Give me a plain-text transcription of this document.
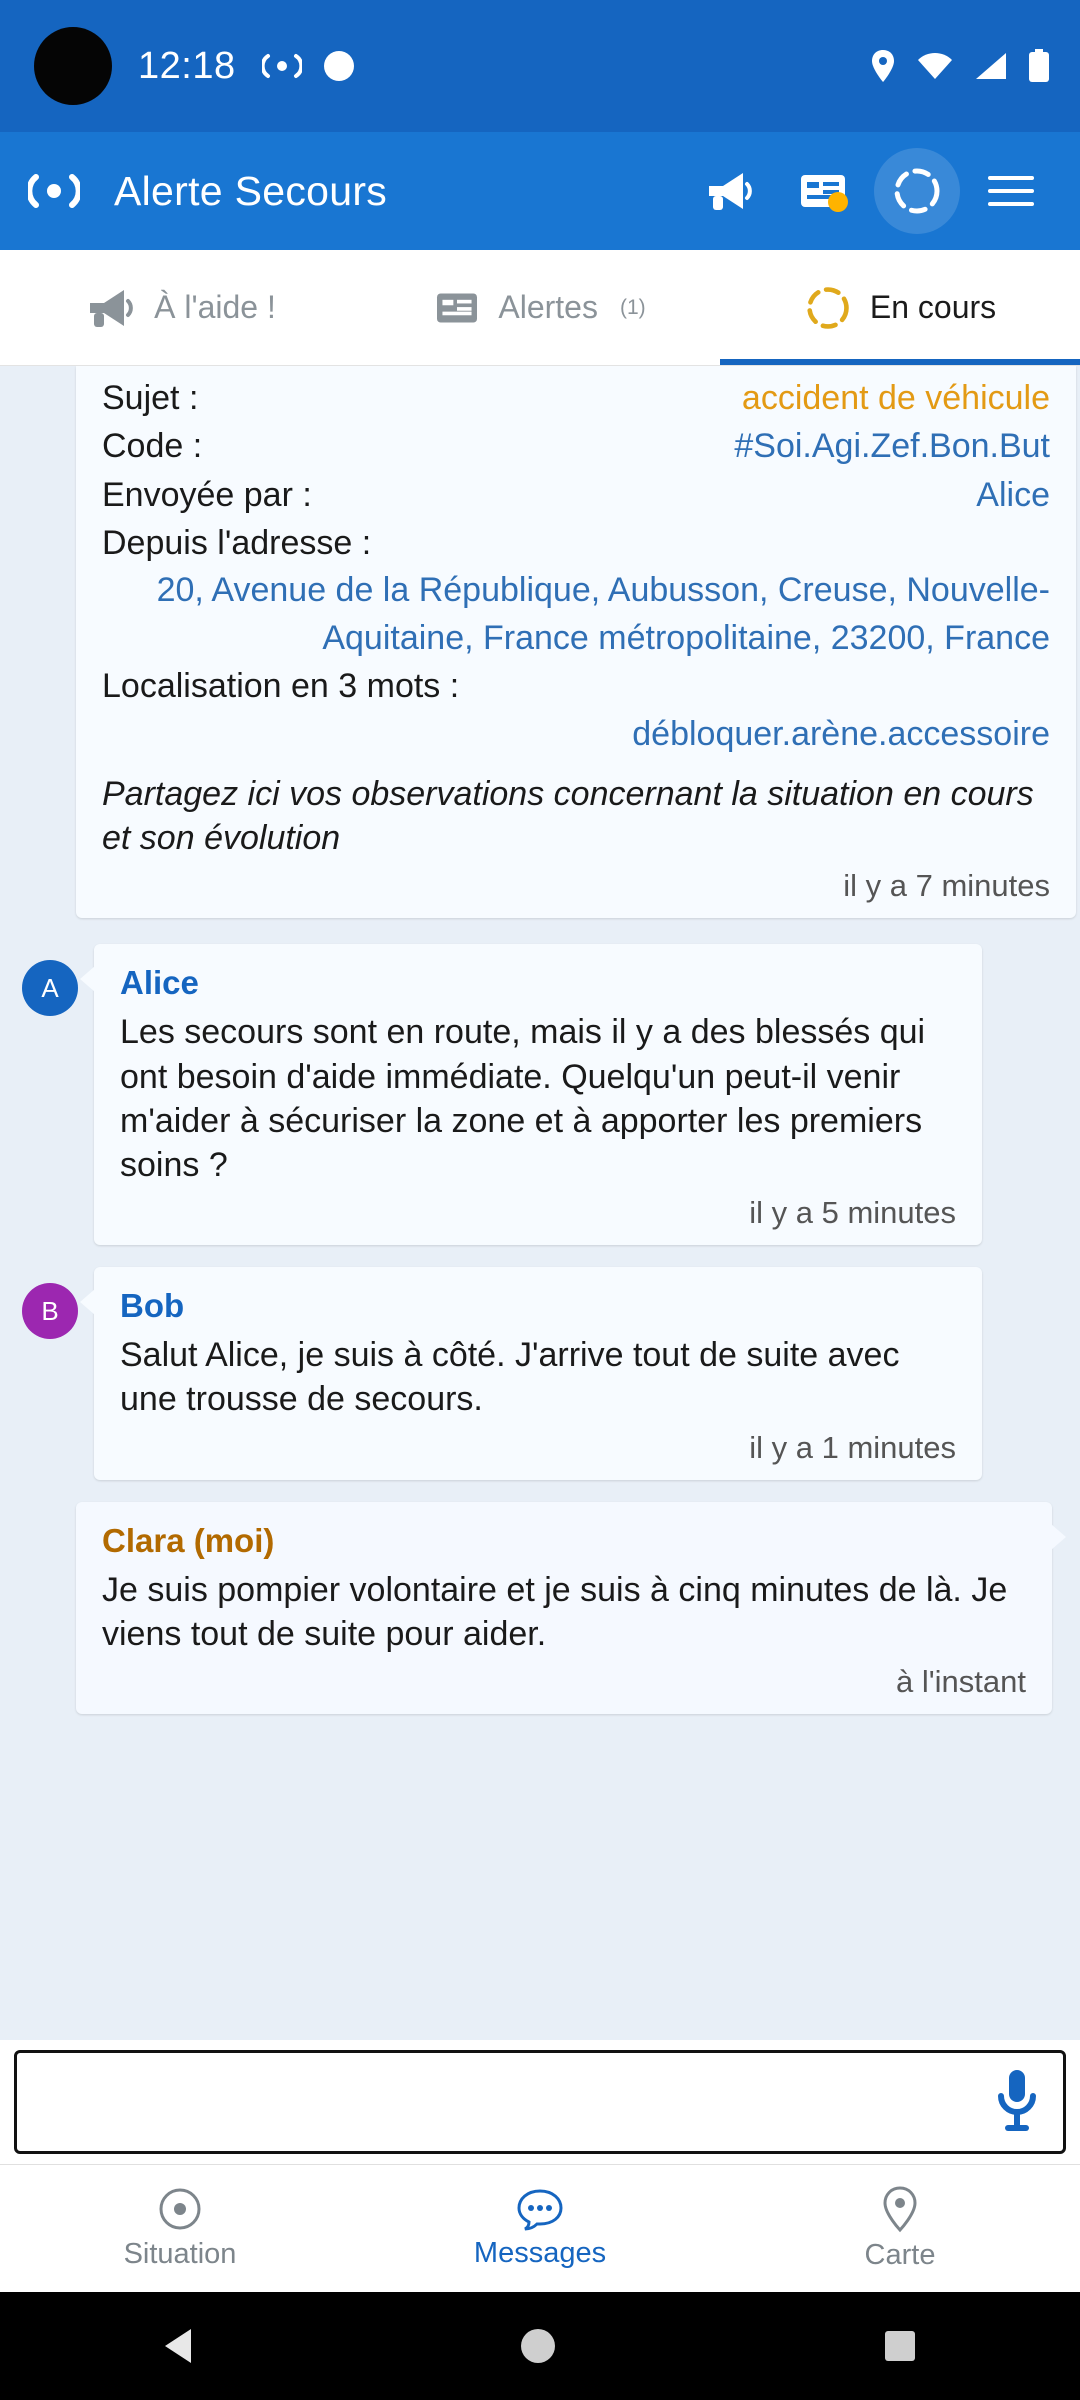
12:18
Alerte Secours
À l'aide !	Alertes (1)	En cours
Sujet :	accident de véhicule
Code :	#Soi.Agi.Zef.Bon.But
Envoyée par :	Alice
Depuis l'adresse :
20, Avenue de la République, Aubusson, Creuse, Nouvelle-Aquitaine, France métropolitaine, 23200, France
Localisation en 3 mots :
débloquer.arène.accessoire
Partagez ici vos observations concernant la situation en cours et son évolution
il y a 7 minutes
A	Alice
Les secours sont en route, mais il y a des blessés qui ont besoin d'aide immédiate. Quelqu'un peut-il venir m'aider à sécuriser la zone et à apporter les premiers soins ?
il y a 5 minutes
B	Bob
Salut Alice, je suis à côté. J'arrive tout de suite avec une trousse de secours.
il y a 1 minutes
Clara (moi)
Je suis pompier volontaire et je suis à cinq minutes de là. Je viens tout de suite pour aider.
à l'instant
Situation	Messages	Carte
